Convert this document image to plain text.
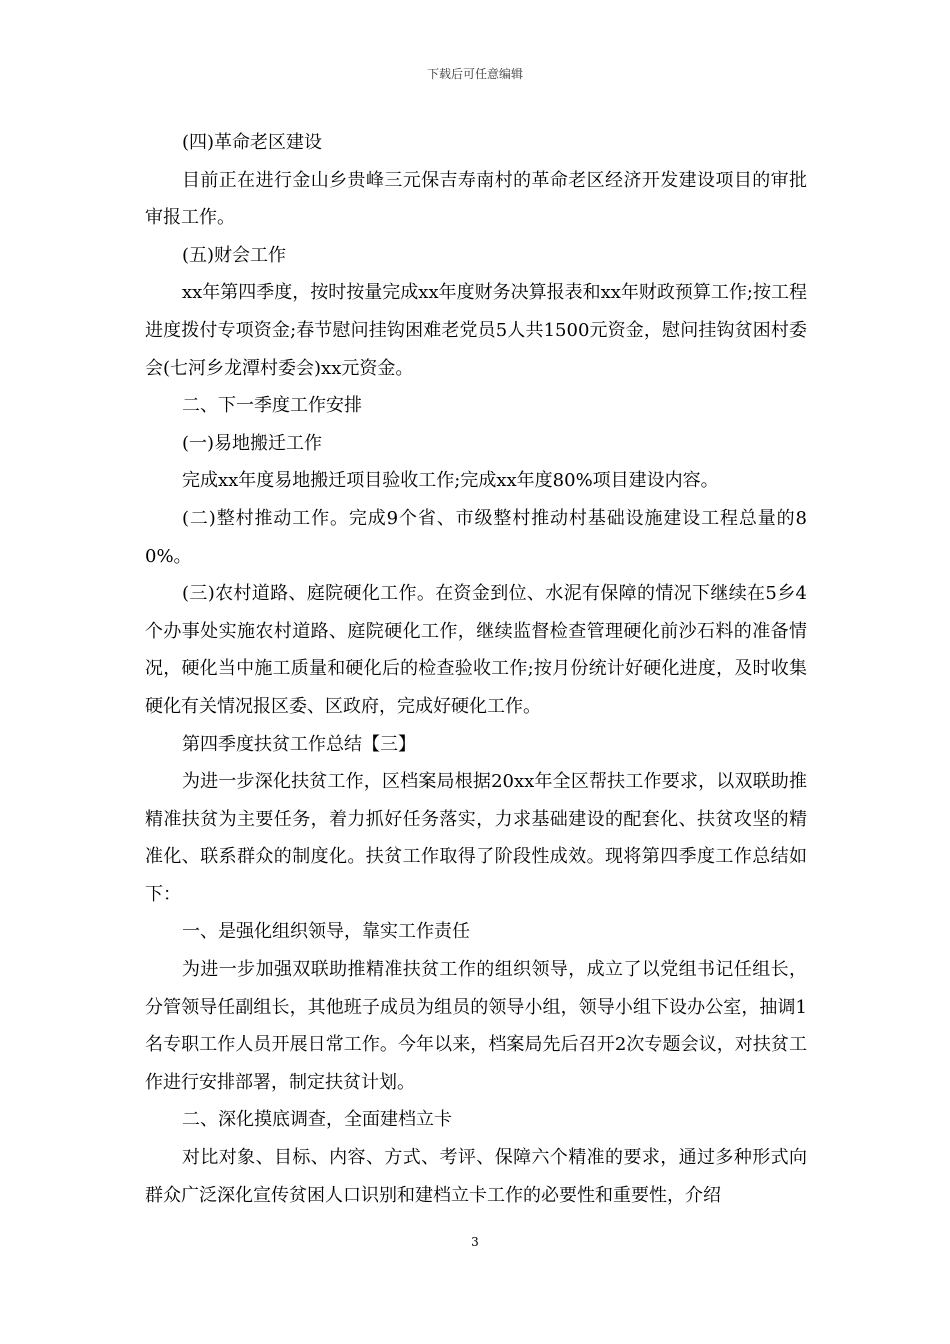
下载后可任意编辑

(四)革命老区建设

目前正在进行金山乡贵峰三元保吉寿南村的革命老区经济开发建设项目的审批审报工作。

(五)财会工作

xx年第四季度，按时按量完成xx年度财务决算报表和xx年财政预算工作;按工程进度拨付专项资金;春节慰问挂钩困难老党员5人共1500元资金，慰问挂钩贫困村委会(七河乡龙潭村委会)xx元资金。

二、下一季度工作安排

(一)易地搬迁工作

完成xx年度易地搬迁项目验收工作;完成xx年度80%项目建设内容。

(二)整村推动工作。完成9个省、市级整村推动村基础设施建设工程总量的80%。

(三)农村道路、庭院硬化工作。在资金到位、水泥有保障的情况下继续在5乡4个办事处实施农村道路、庭院硬化工作，继续监督检查管理硬化前沙石料的准备情况，硬化当中施工质量和硬化后的检查验收工作;按月份统计好硬化进度，及时收集硬化有关情况报区委、区政府，完成好硬化工作。

第四季度扶贫工作总结【三】

为进一步深化扶贫工作，区档案局根据20xx年全区帮扶工作要求，以双联助推精准扶贫为主要任务，着力抓好任务落实，力求基础建设的配套化、扶贫攻坚的精准化、联系群众的制度化。扶贫工作取得了阶段性成效。现将第四季度工作总结如下：

一、是强化组织领导，靠实工作责任

为进一步加强双联助推精准扶贫工作的组织领导，成立了以党组书记任组长，分管领导任副组长，其他班子成员为组员的领导小组，领导小组下设办公室，抽调1名专职工作人员开展日常工作。今年以来，档案局先后召开2次专题会议，对扶贫工作进行安排部署，制定扶贫计划。

二、深化摸底调查，全面建档立卡

对比对象、目标、内容、方式、考评、保障六个精准的要求，通过多种形式向群众广泛深化宣传贫困人口识别和建档立卡工作的必要性和重要性，介绍

3
